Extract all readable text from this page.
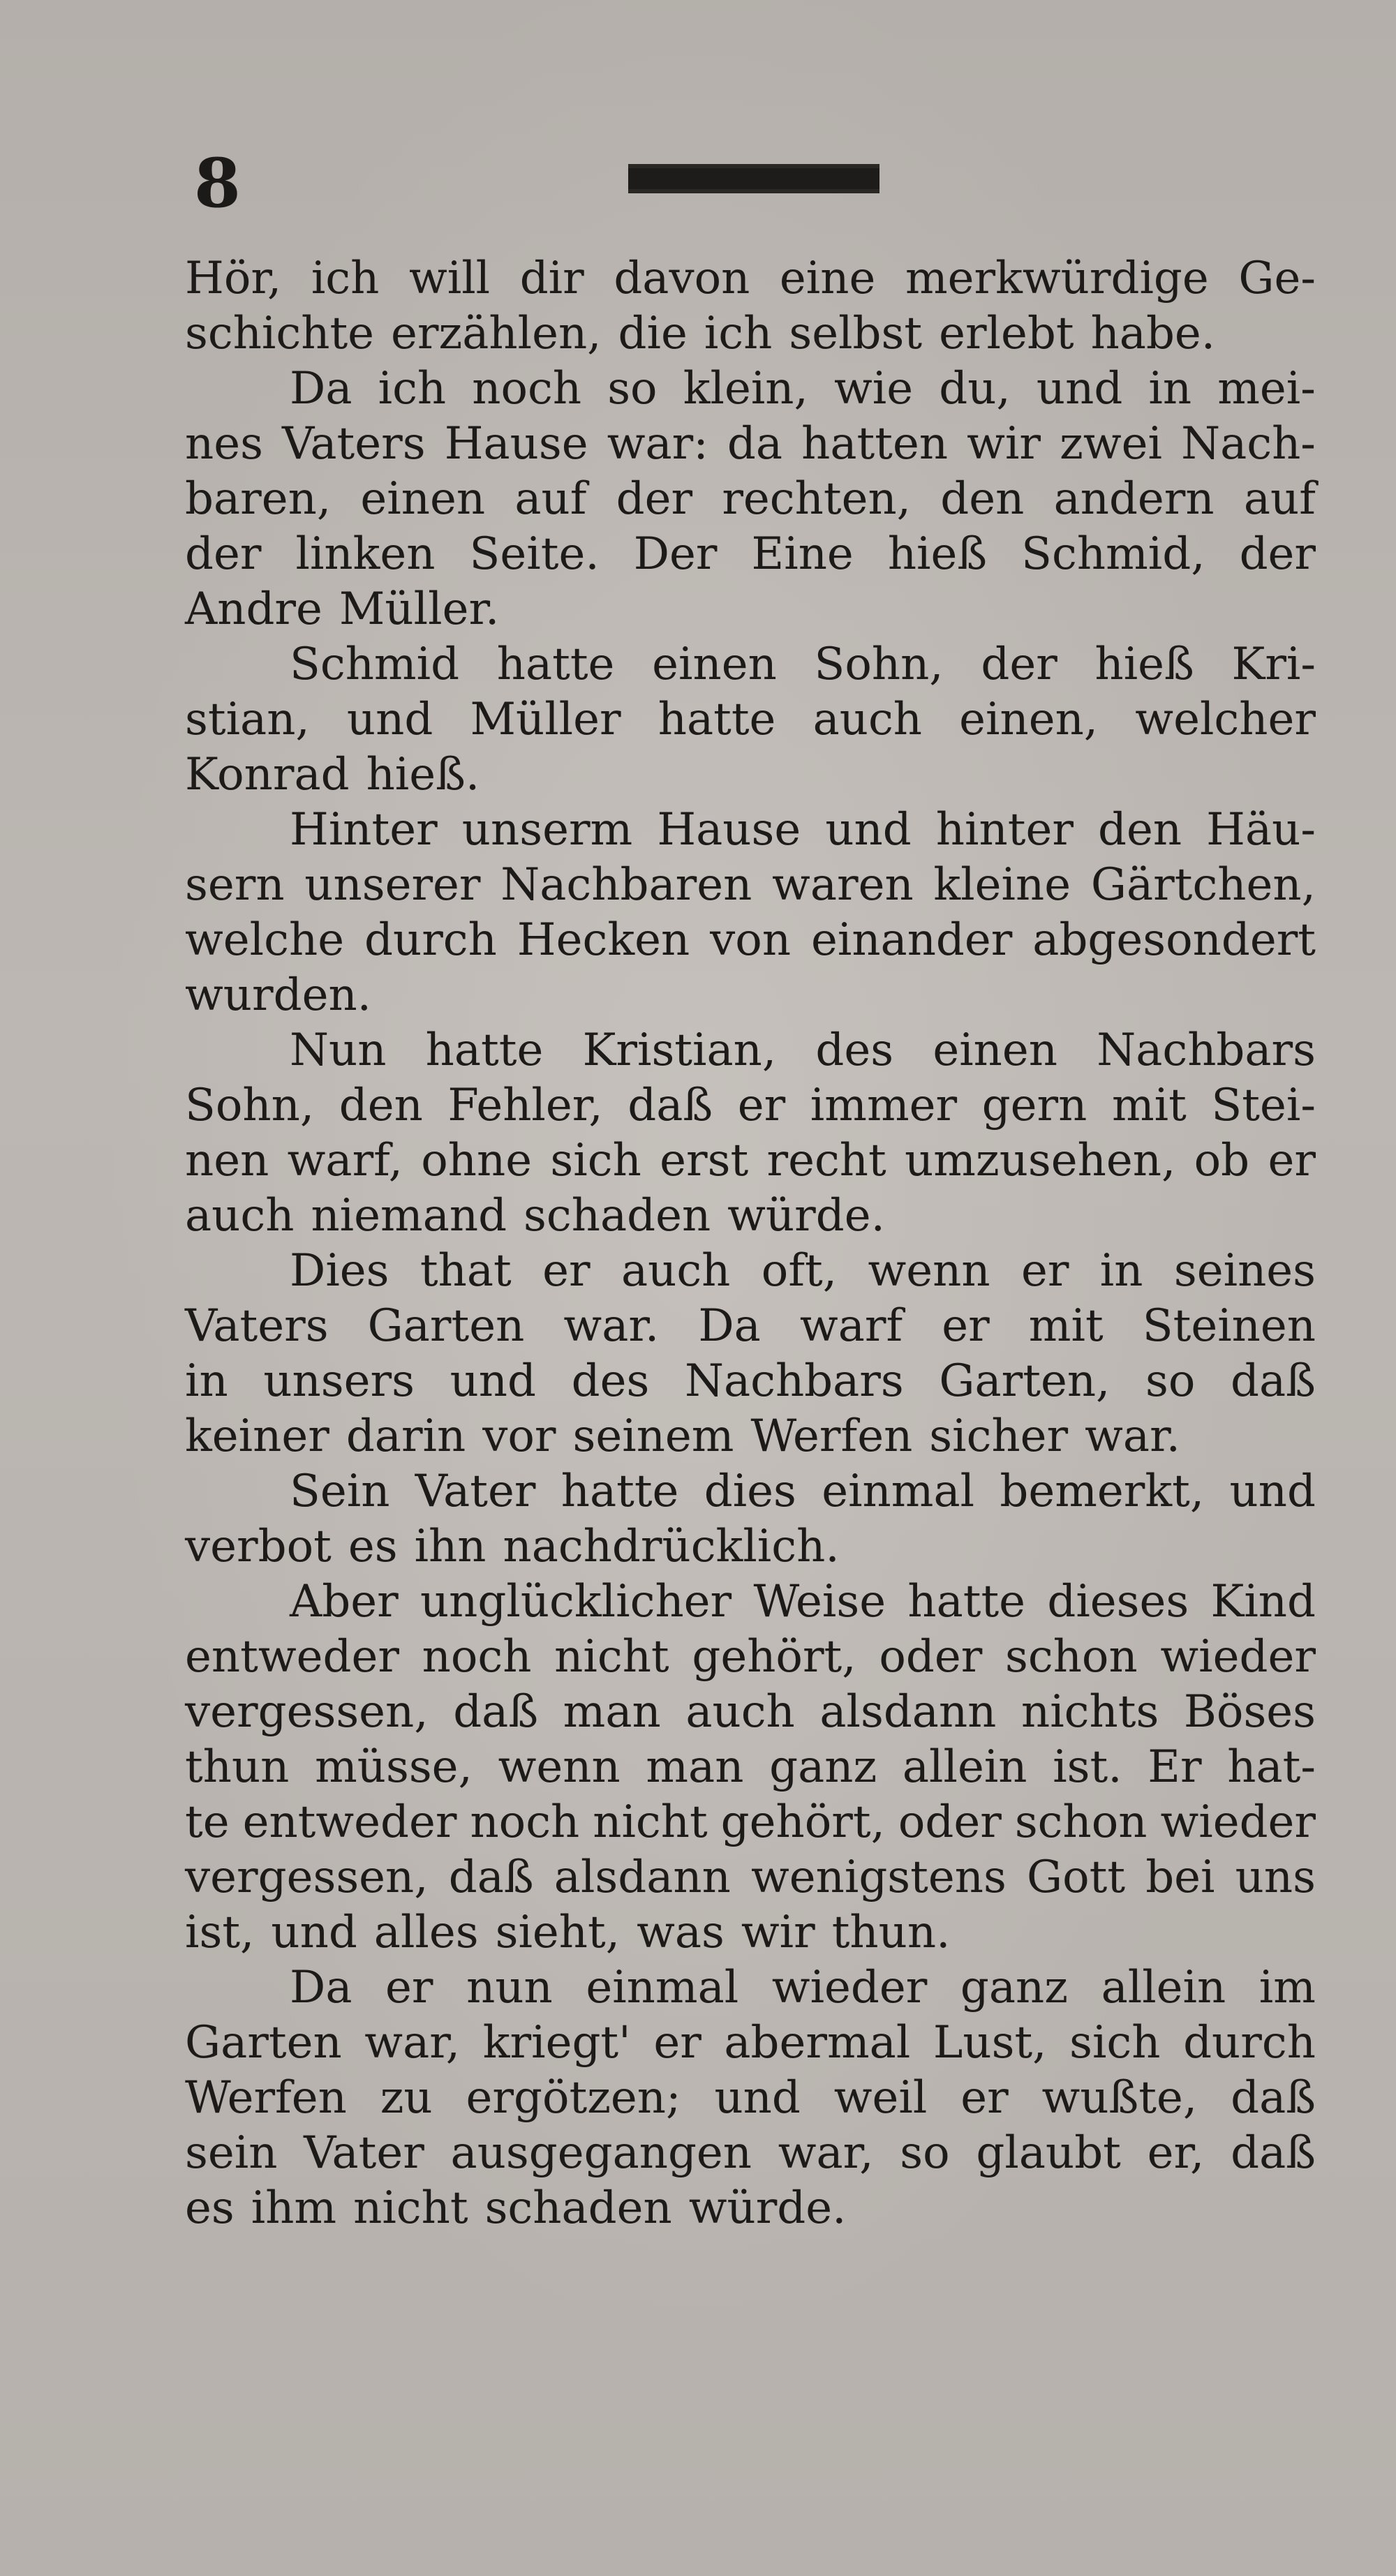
8
Hör, ich will dir davon eine merkwürdige Ge-
schichte erzählen, die ich selbst erlebt habe.
Da ich noch so klein, wie du, und in mei-
nes Vaters Hause war: da hatten wir zwei Nach-
baren, einen auf der rechten, den andern auf
der linken Seite. Der Eine hieß Schmid, der
Andre Müller.
Schmid hatte einen Sohn, der hieß Kri-
stian, und Müller hatte auch einen, welcher
Konrad hieß.
Hinter unserm Hause und hinter den Häu-
sern unserer Nachbaren waren kleine Gärtchen,
welche durch Hecken von einander abgesondert
wurden.
Nun hatte Kristian, des einen Nachbars
Sohn, den Fehler, daß er immer gern mit Stei-
nen warf, ohne sich erst recht umzusehen, ob er
auch niemand schaden würde.
Dies that er auch oft, wenn er in seines
Vaters Garten war. Da warf er mit Steinen
in unsers und des Nachbars Garten, so daß
keiner darin vor seinem Werfen sicher war.
Sein Vater hatte dies einmal bemerkt, und
verbot es ihn nachdrücklich.
Aber unglücklicher Weise hatte dieses Kind
entweder noch nicht gehört, oder schon wieder
vergessen, daß man auch alsdann nichts Böses
thun müsse, wenn man ganz allein ist. Er hat-
te entweder noch nicht gehört, oder schon wieder
vergessen, daß alsdann wenigstens Gott bei uns
ist, und alles sieht, was wir thun.
Da er nun einmal wieder ganz allein im
Garten war, kriegt' er abermal Lust, sich durch
Werfen zu ergötzen; und weil er wußte, daß
sein Vater ausgegangen war, so glaubt er, daß
es ihm nicht schaden würde.
